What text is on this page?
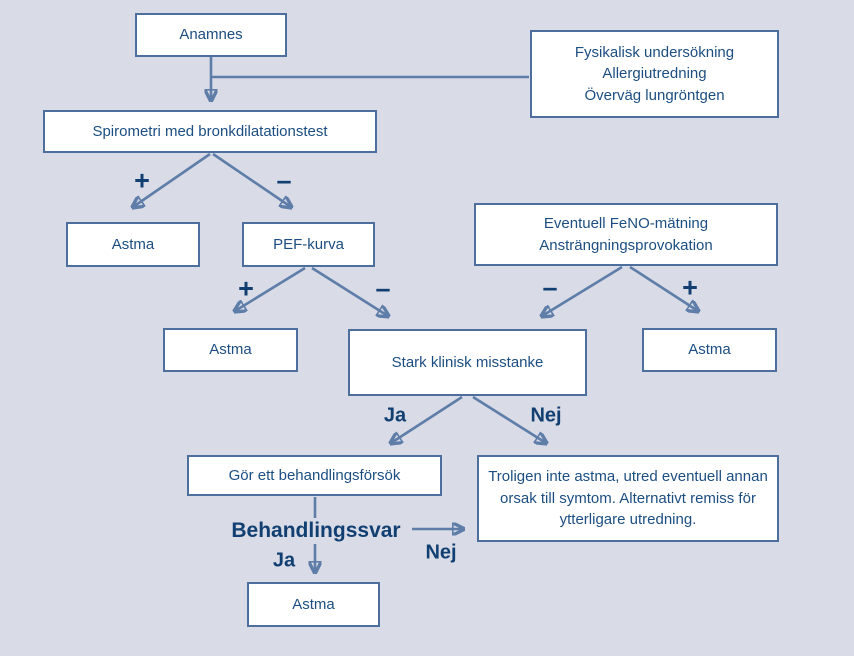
Anamnes
Fysikalisk undersökning
Allergiutredning
Överväg lungröntgen
Spirometri med bronkdilatationstest
Astma	PEF-kurva
Eventuell FeNO-mätning
Ansträngningsprovokation
Astma
Stark klinisk misstanke
Astma
Gör ett behandlingsförsök	Troligen inte astma, utred eventuell annan orsak till symtom. Alternativt remiss för ytterligare utredning.
Astma
+	–
+	–	–	+
Ja	Nej
Behandlingssvar
Nej
Ja
